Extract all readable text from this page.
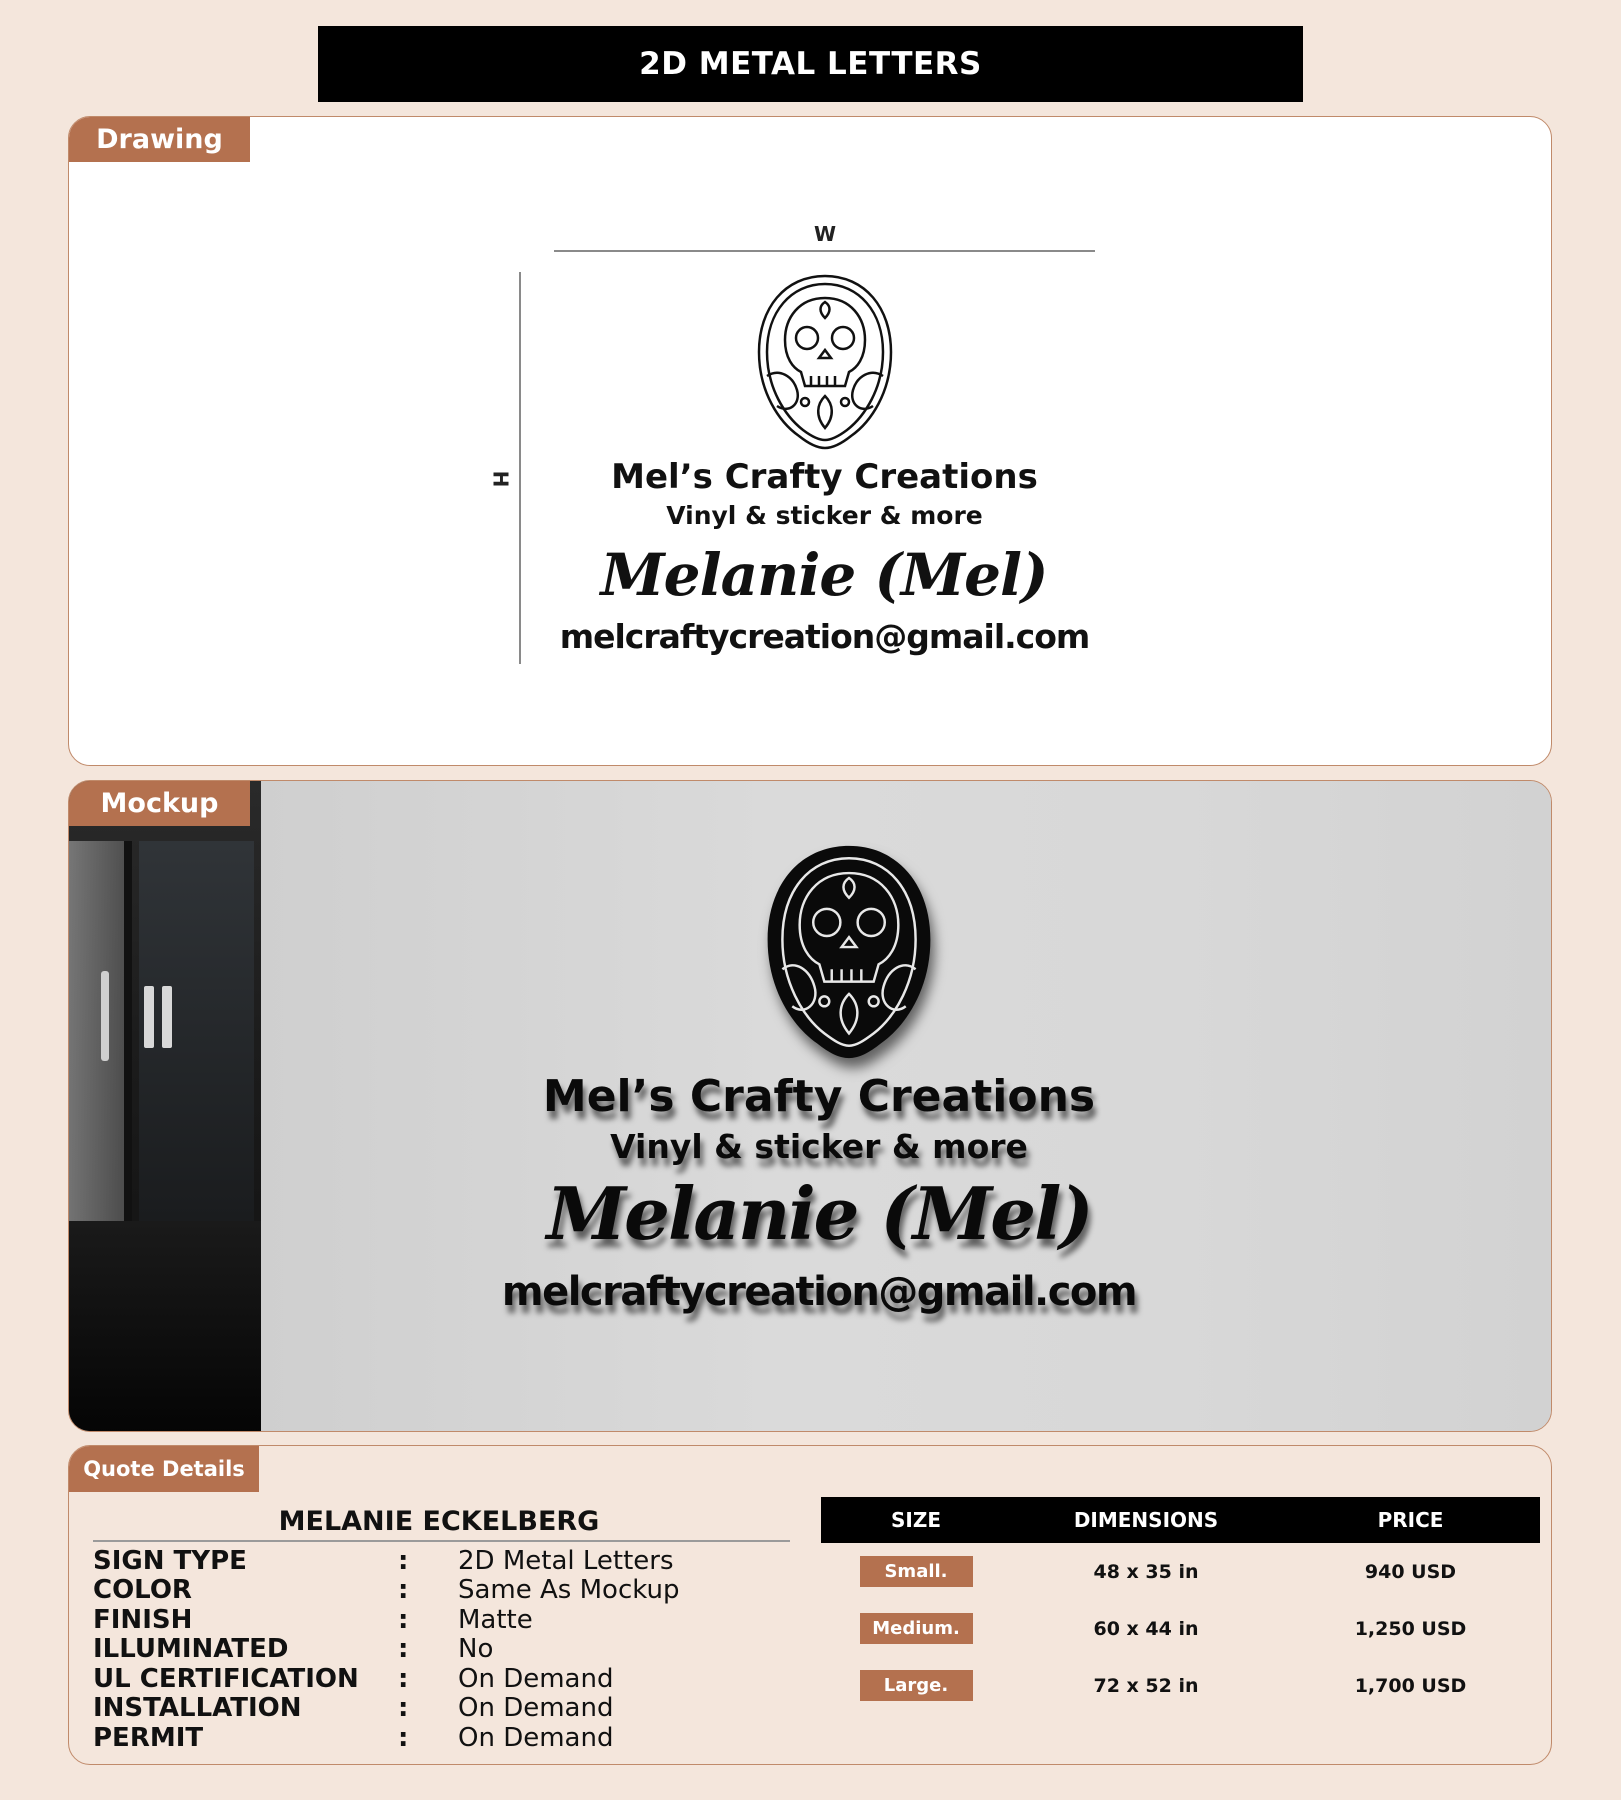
2D METAL LETTERS
Drawing
W
H	Mel’s Crafty Creations
Vinyl & sticker & more
Melanie (Mel)
melcraftycreation@gmail.com
Mockup
Mel’s Crafty Creations
Vinyl & sticker & more
Melanie (Mel)
melcraftycreation@gmail.com
Quote Details
MELANIE ECKELBERG
SIGN TYPE	:	2D Metal Letters
COLOR	:	Same As Mockup
FINISH	:	Matte
ILLUMINATED	:	No
UL CERTIFICATION	:	On Demand
INSTALLATION	:	On Demand
PERMIT	:	On Demand
SIZE	DIMENSIONS	PRICE
Small.	48 x 35 in	940 USD
Medium.	60 x 44 in	1,250 USD
Large.	72 x 52 in	1,700 USD
